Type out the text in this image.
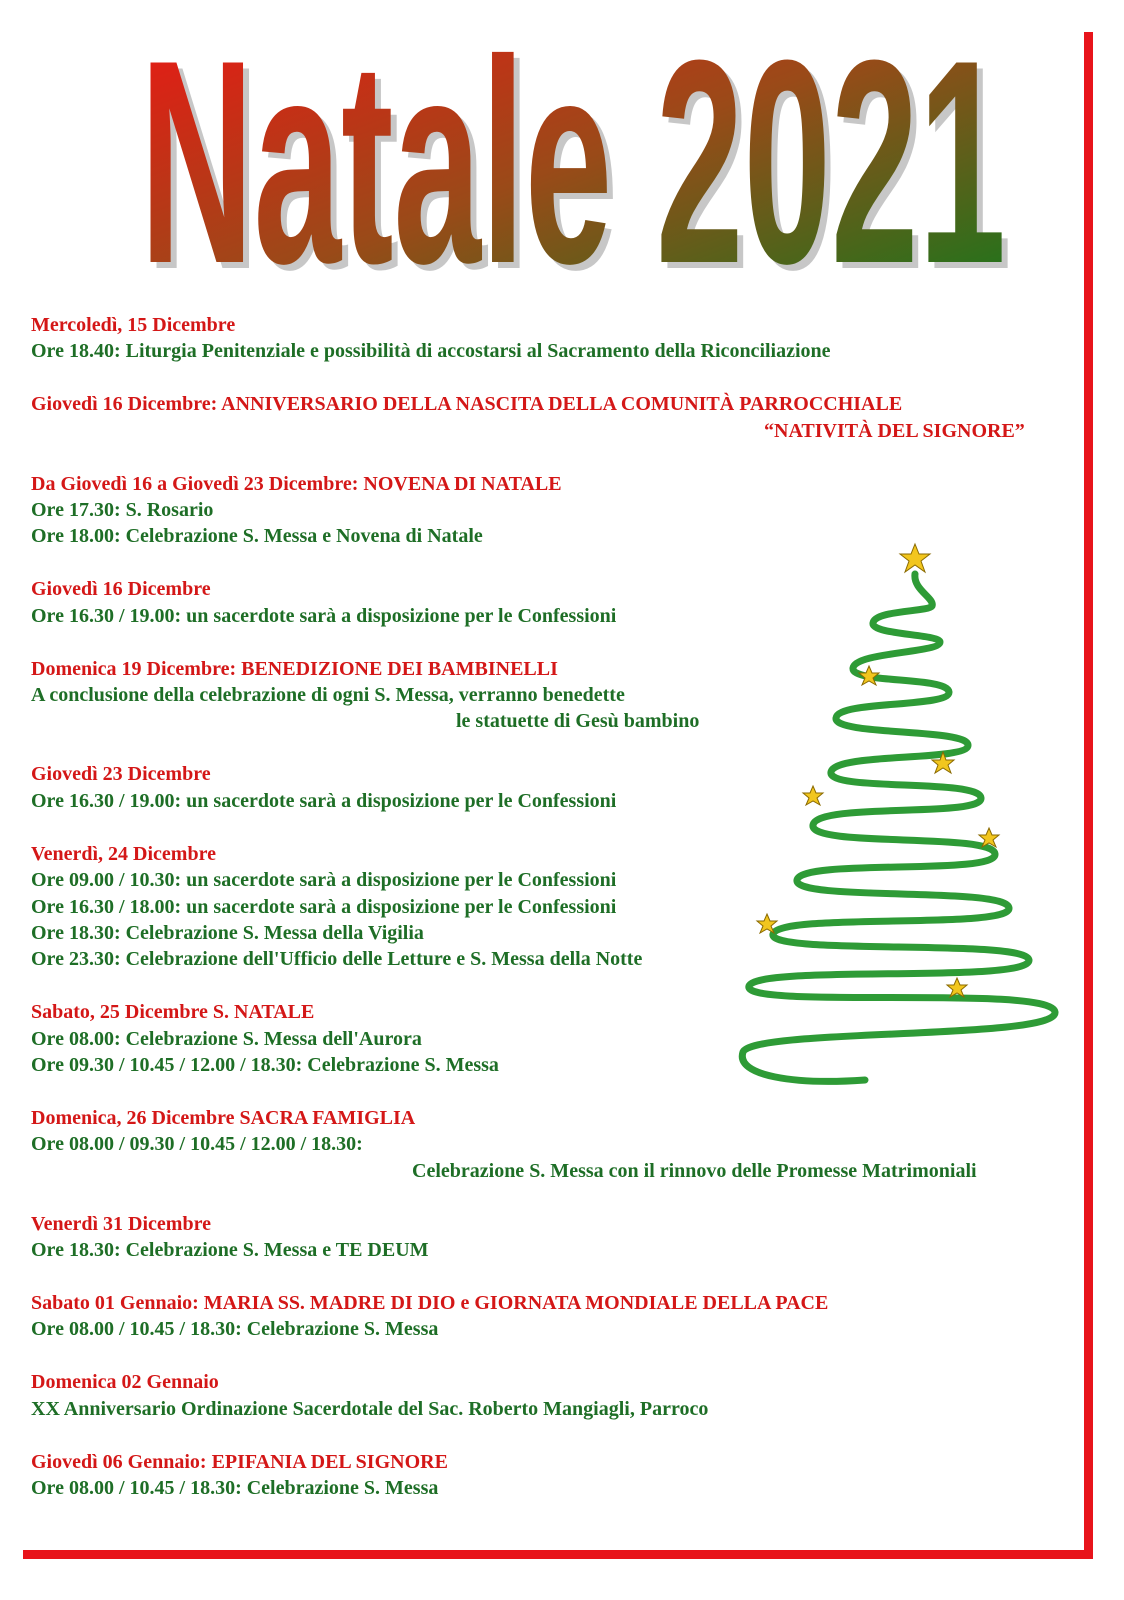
Natale 2021
Natale 2021
Mercoledì, 15 Dicembre
Ore 18.40: Liturgia Penitenziale e possibilità di accostarsi al Sacramento della Riconciliazione
Giovedì 16 Dicembre: ANNIVERSARIO DELLA NASCITA DELLA COMUNITÀ PARROCCHIALE
“NATIVITÀ DEL SIGNORE”
Da Giovedì 16 a Giovedì 23 Dicembre: NOVENA DI NATALE
Ore 17.30: S. Rosario
Ore 18.00: Celebrazione S. Messa e Novena di Natale
Giovedì 16 Dicembre
Ore 16.30 / 19.00: un sacerdote sarà a disposizione per le Confessioni
Domenica 19 Dicembre: BENEDIZIONE DEI BAMBINELLI
A conclusione della celebrazione di ogni S. Messa, verranno benedette
le statuette di Gesù bambino
Giovedì 23 Dicembre
Ore 16.30 / 19.00: un sacerdote sarà a disposizione per le Confessioni
Venerdì, 24 Dicembre
Ore 09.00 / 10.30: un sacerdote sarà a disposizione per le Confessioni
Ore 16.30 / 18.00: un sacerdote sarà a disposizione per le Confessioni
Ore 18.30: Celebrazione S. Messa della Vigilia
Ore 23.30: Celebrazione dell'Ufficio delle Letture e S. Messa della Notte
Sabato, 25 Dicembre S. NATALE
Ore 08.00: Celebrazione S. Messa dell'Aurora
Ore 09.30 / 10.45 / 12.00 / 18.30: Celebrazione S. Messa
Domenica, 26 Dicembre SACRA FAMIGLIA
Ore 08.00 / 09.30 / 10.45 / 12.00 / 18.30:
Celebrazione S. Messa con il rinnovo delle Promesse Matrimoniali
Venerdì 31 Dicembre
Ore 18.30: Celebrazione S. Messa e TE DEUM
Sabato 01 Gennaio: MARIA SS. MADRE DI DIO e GIORNATA MONDIALE DELLA PACE
Ore 08.00 / 10.45 / 18.30: Celebrazione S. Messa
Domenica 02 Gennaio
XX Anniversario Ordinazione Sacerdotale del Sac. Roberto Mangiagli, Parroco
Giovedì 06 Gennaio: EPIFANIA DEL SIGNORE
Ore 08.00 / 10.45 / 18.30: Celebrazione S. Messa
